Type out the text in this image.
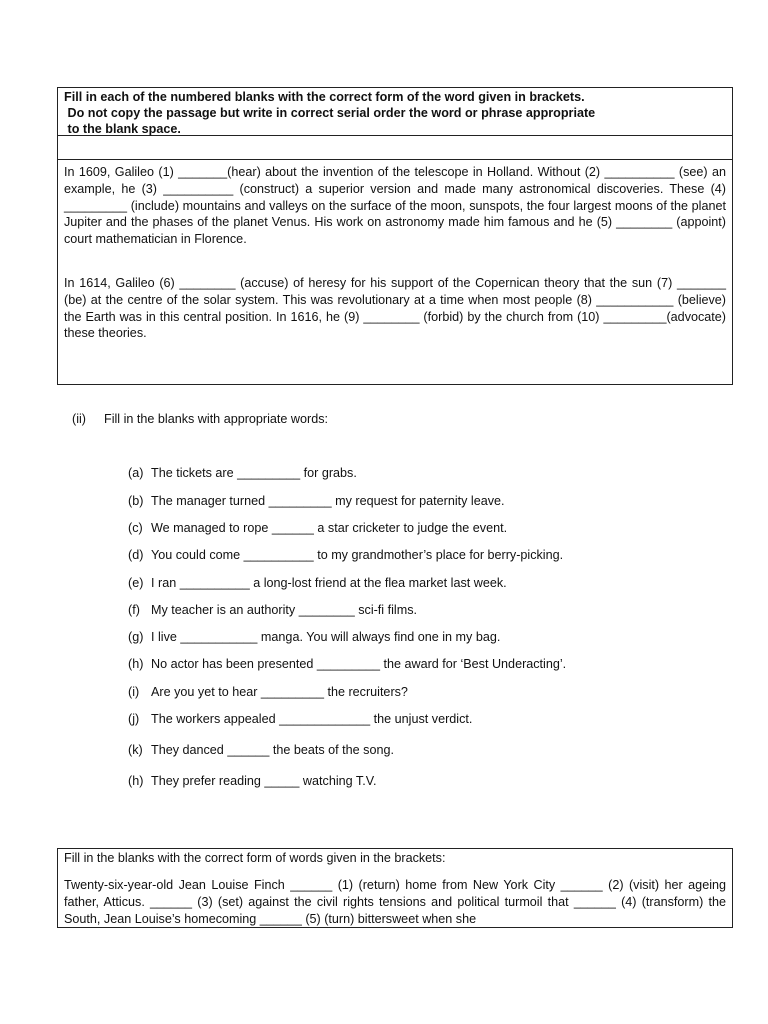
Fill in each of the numbered blanks with the correct form of the word given in brackets.
Do not copy the passage but write in correct serial order the word or phrase appropriate
to the blank space.
In 1609, Galileo (1) _______(hear) about the invention of the telescope in Holland. Without (2) __________ (see) an example, he (3) __________ (construct) a superior version and made many astronomical discoveries. These (4) _________ (include) mountains and valleys on the surface of the moon, sunspots, the four largest moons of the planet Jupiter and the phases of the planet Venus. His work on astronomy made him famous and he (5) ________ (appoint) court mathematician in Florence.
In 1614, Galileo (6) ________ (accuse) of heresy for his support of the Copernican theory that the sun (7) _______ (be) at the centre of the solar system. This was revolutionary at a time when most people (8) ___________ (believe) the Earth was in this central position. In 1616, he (9) ________ (forbid) by the church from (10) _________(advocate) these theories.
(ii) Fill in the blanks with appropriate words:
(a) The tickets are _________ for grabs.
(b) The manager turned _________ my request for paternity leave.
(c) We managed to rope ______ a star cricketer to judge the event.
(d) You could come __________ to my grandmother’s place for berry-picking.
(e) I ran __________ a long-lost friend at the flea market last week.
(f) My teacher is an authority ________ sci-fi films.
(g) I live ___________ manga. You will always find one in my bag.
(h) No actor has been presented _________ the award for ‘Best Underacting’.
(i) Are you yet to hear _________ the recruiters?
(j) The workers appealed _____________ the unjust verdict.
(k) They danced ______ the beats of the song.
(h) They prefer reading _____ watching T.V.
Fill in the blanks with the correct form of words given in the brackets:
Twenty-six-year-old Jean Louise Finch ______ (1) (return) home from New York City ______ (2) (visit) her ageing father, Atticus. ______ (3) (set) against the civil rights tensions and political turmoil that ______ (4) (transform) the South, Jean Louise’s homecoming ______ (5) (turn) bittersweet when she
